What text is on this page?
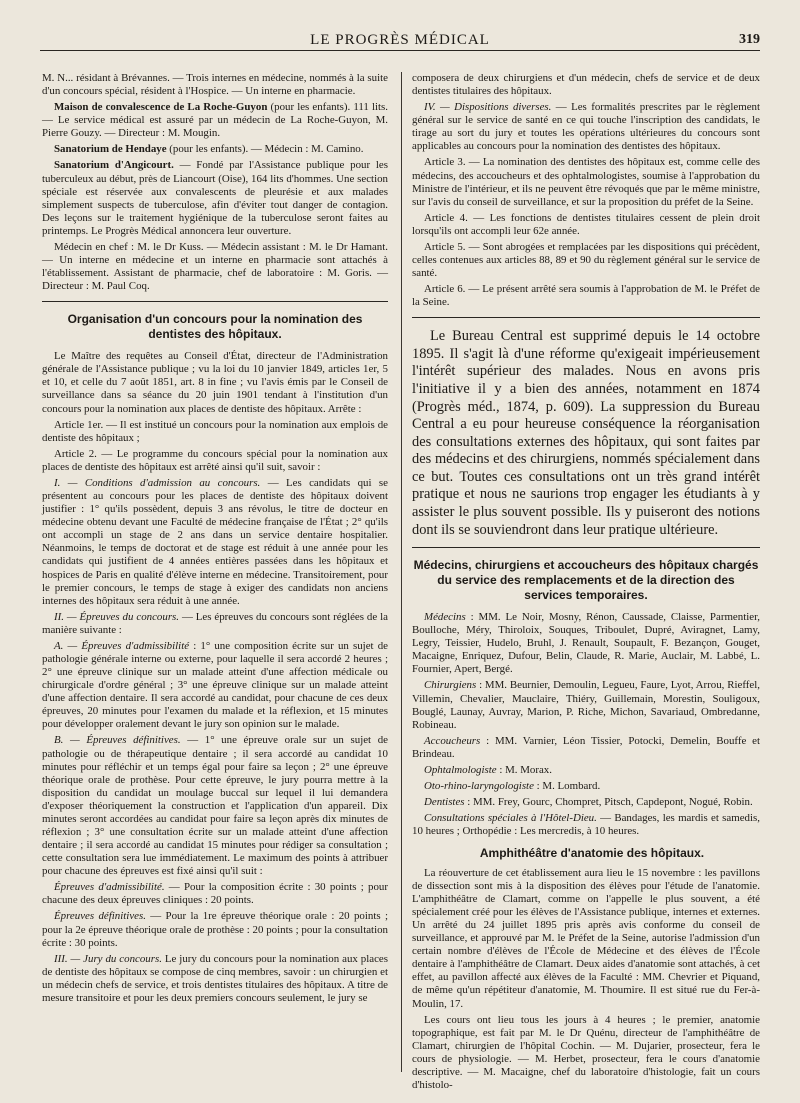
LE PROGRÈS MÉDICAL	319

M. N... résidant à Brévannes. — Trois internes en médecine, nommés à la suite d'un concours spécial, résident à l'Hospice. — Un interne en pharmacie.

Maison de convalescence de La Roche-Guyon (pour les enfants). 111 lits. — Le service médical est assuré par un médecin de La Roche-Guyon, M. Pierre Gouzy. — Directeur : M. Mougin.

Sanatorium de Hendaye (pour les enfants). — Médecin : M. Camino.

Sanatorium d'Angicourt. — Fondé par l'Assistance publique pour les tuberculeux au début, près de Liancourt (Oise), 164 lits d'hommes. Une section spéciale est réservée aux convalescents de pleurésie et aux malades simplement suspects de tuberculose, afin d'éviter tout danger de contagion. Des leçons sur le traitement hygiénique de la tuberculose seront faites au printemps. Le Progrès Médical annoncera leur ouverture.

Médecin en chef : M. le Dr Kuss. — Médecin assistant : M. le Dr Hamant. — Un interne en médecine et un interne en pharmacie sont attachés à l'établissement. Assistant de pharmacie, chef de laboratoire : M. Goris. — Directeur : M. Paul Coq.

Organisation d'un concours pour la nomination des dentistes des hôpitaux.

Le Maître des requêtes au Conseil d'État, directeur de l'Administration générale de l'Assistance publique ; vu la loi du 10 janvier 1849, articles 1er, 5 et 10, et celle du 7 août 1851, art. 8 in fine ; vu l'avis émis par le Conseil de surveillance dans sa séance du 20 juin 1901 tendant à l'institution d'un concours pour la nomination aux places de dentiste des hôpitaux. Arrête :

Article 1er. — Il est institué un concours pour la nomination aux emplois de dentiste des hôpitaux ;

Article 2. — Le programme du concours spécial pour la nomination aux places de dentiste des hôpitaux est arrêté ainsi qu'il suit, savoir :

I. — Conditions d'admission au concours. — Les candidats qui se présentent au concours pour les places de dentiste des hôpitaux doivent justifier : 1° qu'ils possèdent, depuis 3 ans révolus, le titre de docteur en médecine obtenu devant une Faculté de médecine française de l'État ; 2° qu'ils ont accompli un stage de 2 ans dans un service dentaire hospitalier. Néanmoins, le temps de doctorat et de stage est réduit à une année pour les candidats qui justifient de 4 années entières passées dans les hôpitaux et hospices de Paris en qualité d'élève interne en médecine. Transitoirement, pour le premier concours, le temps de stage à exiger des candidats non anciens internes des hôpitaux sera réduit à une année.

II. — Épreuves du concours. — Les épreuves du concours sont réglées de la manière suivante :

A. — Épreuves d'admissibilité : 1° une composition écrite sur un sujet de pathologie générale interne ou externe, pour laquelle il sera accordé 2 heures ; 2° une épreuve clinique sur un malade atteint d'une affection médicale ou chirurgicale d'ordre général ; 3° une épreuve clinique sur un malade atteint d'une affection dentaire. Il sera accordé au candidat, pour chacune de ces deux épreuves, 20 minutes pour l'examen du malade et la réflexion, et 15 minutes pour développer oralement devant le jury son opinion sur le malade.

B. — Épreuves définitives. — 1° une épreuve orale sur un sujet de pathologie ou de thérapeutique dentaire ; il sera accordé au candidat 10 minutes pour réfléchir et un temps égal pour faire sa leçon ; 2° une épreuve théorique orale de prothèse. Pour cette épreuve, le jury pourra mettre à la disposition du candidat un moulage buccal sur lequel il lui demandera d'exposer théoriquement la construction et l'application d'un appareil. Dix minutes seront accordées au candidat pour faire sa leçon après dix minutes de réflexion ; 3° une consultation écrite sur un malade atteint d'une affection dentaire ; il sera accordé au candidat 15 minutes pour rédiger sa consultation ; cette consultation sera lue immédiatement. Le maximum des points à attribuer pour chacune des épreuves est fixé ainsi qu'il suit :

Épreuves d'admissibilité. — Pour la composition écrite : 30 points ; pour chacune des deux épreuves cliniques : 20 points.

Épreuves définitives. — Pour la 1re épreuve théorique orale : 20 points ; pour la 2e épreuve théorique orale de prothèse : 20 points ; pour la consultation écrite : 30 points.

III. — Jury du concours. Le jury du concours pour la nomination aux places de dentiste des hôpitaux se compose de cinq membres, savoir : un chirurgien et un médecin chefs de service, et trois dentistes titulaires des hôpitaux. A titre de mesure transitoire et pour les deux premiers concours seulement, le jury se

composera de deux chirurgiens et d'un médecin, chefs de service et de deux dentistes titulaires des hôpitaux.

IV. — Dispositions diverses. — Les formalités prescrites par le règlement général sur le service de santé en ce qui touche l'inscription des candidats, le tirage au sort du jury et toutes les opérations ultérieures du concours sont applicables au concours pour la nomination des dentistes des hôpitaux.

Article 3. — La nomination des dentistes des hôpitaux est, comme celle des médecins, des accoucheurs et des ophtalmologistes, soumise à l'approbation du Ministre de l'intérieur, et ils ne peuvent être révoqués que par le même ministre, sur l'avis du conseil de surveillance, et sur la proposition du préfet de la Seine.

Article 4. — Les fonctions de dentistes titulaires cessent de plein droit lorsqu'ils ont accompli leur 62e année.

Article 5. — Sont abrogées et remplacées par les dispositions qui précèdent, celles contenues aux articles 88, 89 et 90 du règlement général sur le service de santé.

Article 6. — Le présent arrêté sera soumis à l'approbation de M. le Préfet de la Seine.

Le Bureau Central est supprimé depuis le 14 octobre 1895. Il s'agit là d'une réforme qu'exigeait impérieusement l'intérêt supérieur des malades. Nous en avons pris l'initiative il y a bien des années, notamment en 1874 (Progrès méd., 1874, p. 609). La suppression du Bureau Central a eu pour heureuse conséquence la réorganisation des consultations externes des hôpitaux, qui sont faites par des médecins et des chirurgiens, nommés spécialement dans ce but. Toutes ces consultations ont un très grand intérêt pratique et nous ne saurions trop engager les étudiants à y assister le plus souvent possible. Ils y puiseront des notions dont ils se souviendront dans leur pratique ultérieure.

Médecins, chirurgiens et accoucheurs des hôpitaux chargés du service des remplacements et de la direction des services temporaires.

Médecins : MM. Le Noir, Mosny, Rénon, Caussade, Claisse, Parmentier, Boulloche, Méry, Thiroloix, Souques, Triboulet, Dupré, Aviragnet, Lamy, Legry, Teissier, Hudelo, Bruhl, J. Renault, Soupault, F. Bezançon, Gouget, Macaigne, Enriquez, Dufour, Belin, Claude, R. Marie, Auclair, M. Labbé, L. Fournier, Apert, Bergé.

Chirurgiens : MM. Beurnier, Demoulin, Legueu, Faure, Lyot, Arrou, Rieffel, Villemin, Chevalier, Mauclaire, Thiéry, Guillemain, Morestin, Souligoux, Bouglé, Launay, Auvray, Marion, P. Riche, Michon, Savariaud, Ombredanne, Robineau.

Accoucheurs : MM. Varnier, Léon Tissier, Potocki, Demelin, Bouffe et Brindeau.

Ophtalmologiste : M. Morax.

Oto-rhino-laryngologiste : M. Lombard.

Dentistes : MM. Frey, Gourc, Chompret, Pitsch, Capdepont, Nogué, Robin.

Consultations spéciales à l'Hôtel-Dieu. — Bandages, les mardis et samedis, 10 heures ; Orthopédie : Les mercredis, à 10 heures.

Amphithéâtre d'anatomie des hôpitaux.

La réouverture de cet établissement aura lieu le 15 novembre : les pavillons de dissection sont mis à la disposition des élèves pour l'étude de l'anatomie. L'amphithéâtre de Clamart, comme on l'appelle le plus souvent, a été spécialement créé pour les élèves de l'Assistance publique, internes et externes. Un arrêté du 24 juillet 1895 pris après avis conforme du conseil de surveillance, et approuvé par M. le Préfet de la Seine, autorise l'admission d'un certain nombre d'élèves de l'École de Médecine et des élèves de l'École dentaire à l'amphithéâtre de Clamart. Deux aides d'anatomie sont attachés, à cet effet, au pavillon affecté aux élèves de la Faculté : MM. Chevrier et Piquand, de même qu'un répétiteur d'anatomie, M. Thoumire. Il est situé rue du Fer-à-Moulin, 17.

Les cours ont lieu tous les jours à 4 heures ; le premier, anatomie topographique, est fait par M. le Dr Quénu, directeur de l'amphithéâtre de Clamart, chirurgien de l'hôpital Cochin. — M. Dujarier, prosecteur, fera le cours de physiologie. — M. Herbet, prosecteur, fera le cours d'anatomie descriptive. — M. Macaigne, chef du laboratoire d'histologie, fait un cours d'histolo-
